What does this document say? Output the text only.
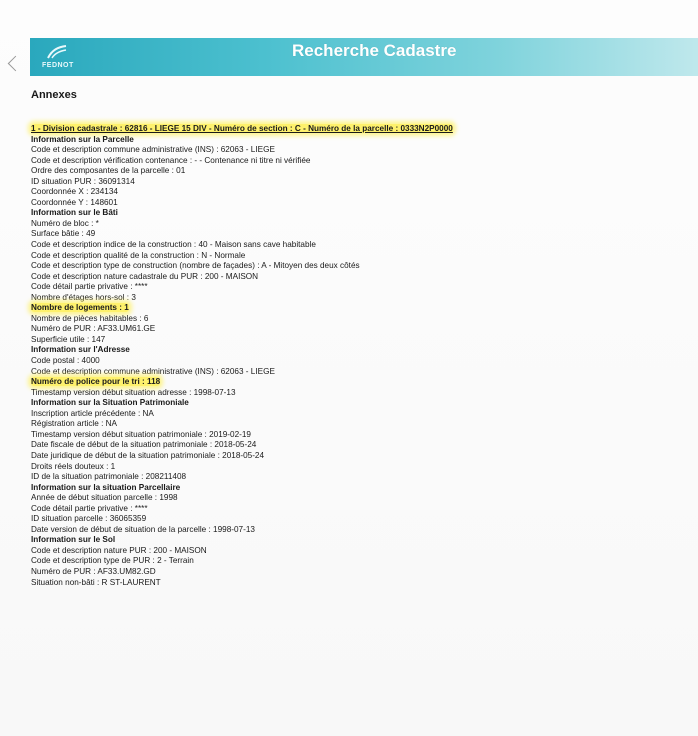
FEDNOT
Recherche Cadastre
Annexes
1 - Division cadastrale : 62816 - LIEGE 15 DIV - Numéro de section : C - Numéro de la parcelle : 0333N2P0000
Information sur la Parcelle
Code et description commune administrative (INS) : 62063 - LIEGE
Code et description vérification contenance : - - Contenance ni titre ni vérifiée
Ordre des composantes de la parcelle : 01
ID situation PUR : 36091314
Coordonnée X : 234134
Coordonnée Y : 148601
Information sur le Bâti
Numéro de bloc : *
Surface bâtie : 49
Code et description indice de la construction : 40 - Maison sans cave habitable
Code et description qualité de la construction : N - Normale
Code et description type de construction (nombre de façades) : A - Mitoyen des deux côtés
Code et description nature cadastrale du PUR : 200 - MAISON
Code détail partie privative : ****
Nombre d'étages hors-sol : 3
Nombre de logements : 1
Nombre de pièces habitables : 6
Numéro de PUR : AF33.UM61.GE
Superficie utile : 147
Information sur l'Adresse
Code postal : 4000
Code et description commune administrative (INS) : 62063 - LIEGE
Numéro de police pour le tri : 118
Timestamp version début situation adresse : 1998-07-13
Information sur la Situation Patrimoniale
Inscription article précédente : NA
Régistration article : NA
Timestamp version début situation patrimoniale : 2019-02-19
Date fiscale de début de la situation patrimoniale : 2018-05-24
Date juridique de début de la situation patrimoniale : 2018-05-24
Droits réels douteux : 1
ID de la situation patrimoniale : 208211408
Information sur la situation Parcellaire
Année de début situation parcelle : 1998
Code détail partie privative : ****
ID situation parcelle : 36065359
Date version de début de situation de la parcelle : 1998-07-13
Information sur le Sol
Code et description nature PUR : 200 - MAISON
Code et description type de PUR : 2 - Terrain
Numéro de PUR : AF33.UM82.GD
Situation non-bâti : R ST-LAURENT
